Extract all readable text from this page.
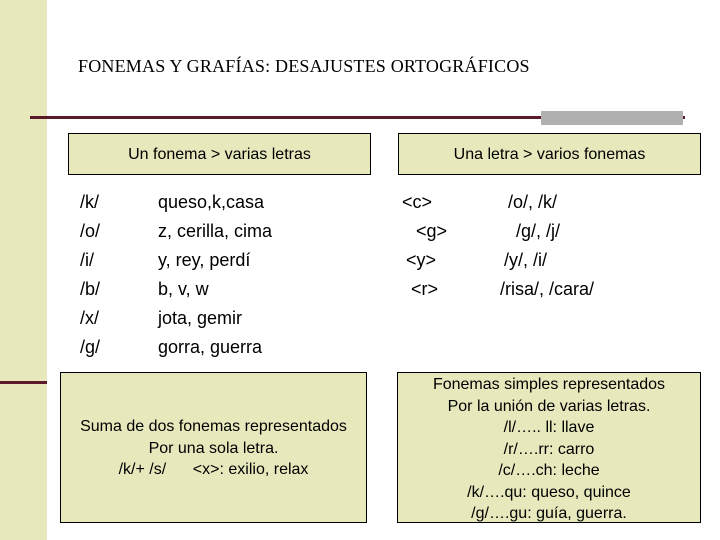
FONEMAS Y GRAFÍAS: DESAJUSTES ORTOGRÁFICOS
Un fonema > varias letras	Una letra > varios fonemas
/k/
/o/
/i/
/b/
/x/
/g/
queso,k,casa
z, cerilla, cima
y, rey, perdí
b, v, w
jota, gemir
gorra, guerra
<c>
<g>
<y>
<r>
/o/, /k/
/g/, /j/
/y/, /i/
/risa/, /cara/
Suma de dos fonemas representados
Por una sola letra.
/k/+ /s/      <x>: exilio, relax
Fonemas simples representados
Por la unión de varias letras.
/l/….. ll: llave
/r/….rr: carro
/c/….ch: leche
/k/….qu: queso, quince
/g/….gu: guía, guerra.
